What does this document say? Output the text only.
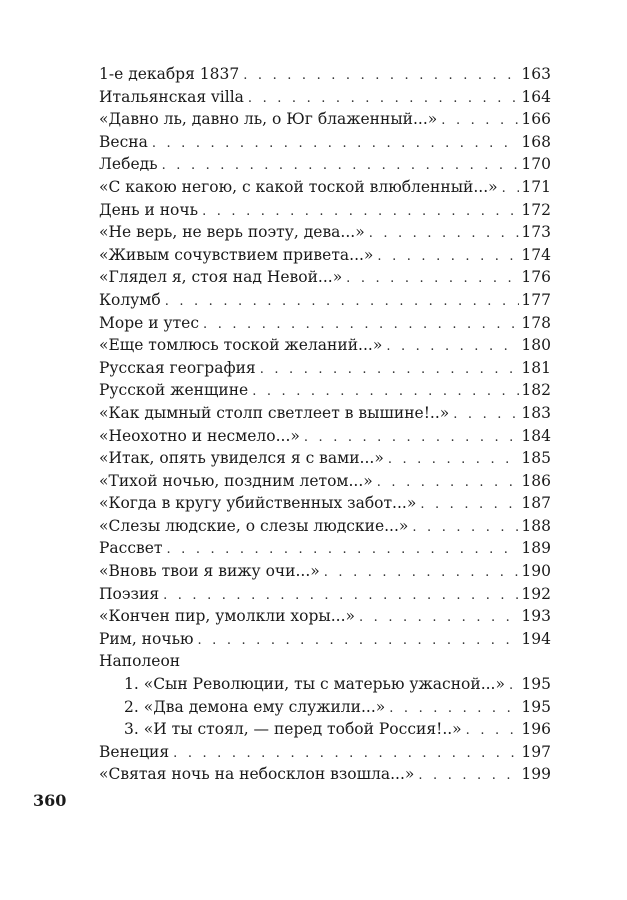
1-е декабря 1837 . . .	163
Итальянская villa . . .	164
«Давно ль, давно ль, о Юг блаженный...» . . .	166
Весна . . .	168
Лебедь . . .	170
«С какою негою, с какой тоской влюбленный...» . . . 171
День и ночь . . .	172
«Не верь, не верь поэту, дева...» . . .	173
«Живым сочувствием привета...» . . .	174
«Глядел я, стоя над Невой...» . . .	176
Колумб . . .	177
Море и утес . . .	178
«Еще томлюсь тоской желаний...» . . .	180
Русская география . . .	181
Русской женщине . . .	182
«Как дымный столп светлеет в вышине!..» . . .	183
«Неохотно и несмело...» . . .	184
«Итак, опять увиделся я с вами...» . . .	185
«Тихой ночью, поздним летом...» . . .	186
«Когда в кругу убийственных забот...» . . .	187
«Слезы людские, о слезы людские...» . . .	188
Рассвет . . .	189
«Вновь твои я вижу очи...» . . .	190
Поэзия . . .	192
«Кончен пир, умолкли хоры...» . . .	193
Рим, ночью . . .	194
Наполеон
1. «Сын Революции, ты с матерью ужасной...» . . . 195
2. «Два демона ему служили...» . . .	195
3. «И ты стоял, — перед тобой Россия!..» . . .	196
Венеция . . .	197
«Святая ночь на небосклон взошла...» . . .	199
360
